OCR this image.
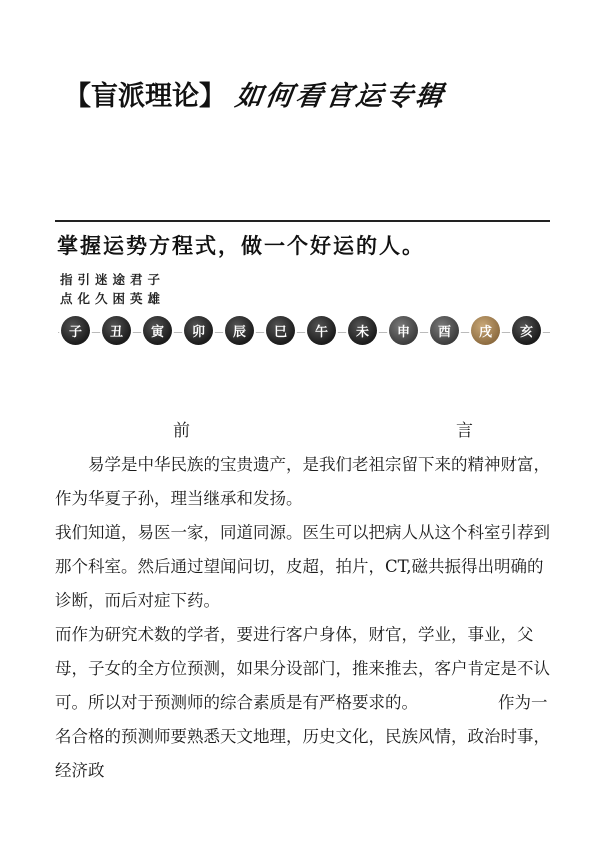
【盲派理论】 如何看官运专辑
掌握运势方程式，做一个好运的人。
指引迷途君子
点化久困英雄
子	丑	寅	卯	辰	巳	午	未	申	酉	戌	亥
前	言

易学是中华民族的宝贵遗产，是我们老祖宗留下来的精神财富，作为华夏子孙，理当继承和发扬。

我们知道，易医一家，同道同源。医生可以把病人从这个科室引荐到那个科室。然后通过望闻问切，皮超，拍片，CT,磁共振得出明确的诊断，而后对症下药。

而作为研究术数的学者，要进行客户身体，财官，学业，事业，父母，子女的全方位预测，如果分设部门，推来推去，客户肯定是不认可。所以对于预测师的综合素质是有严格要求的。	作为一名合格的预测师要熟悉天文地理，历史文化，民族风情，政治时事，经济政
